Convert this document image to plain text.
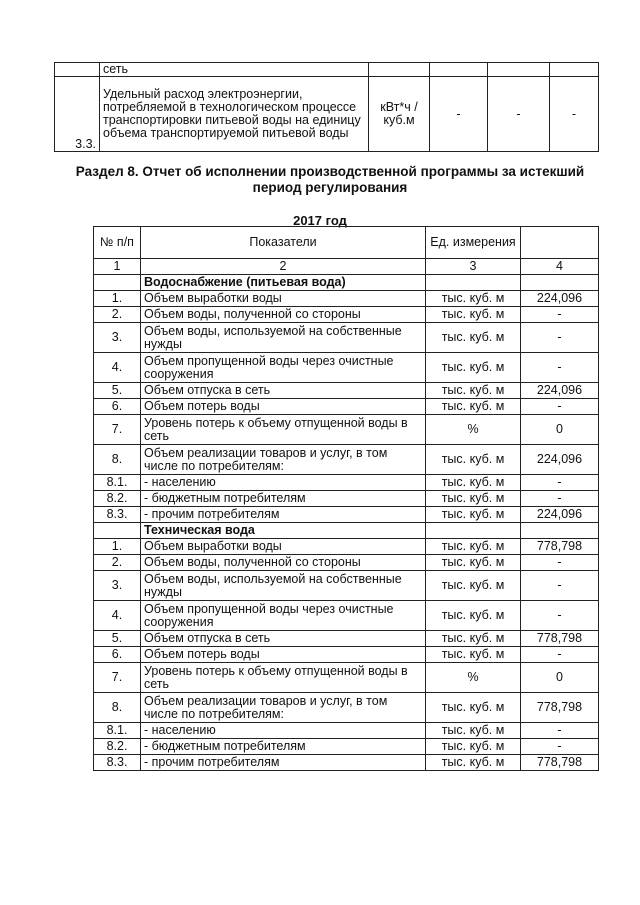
	сеть				
3.3.	Удельный расход электроэнергии, потребляемой в технологическом процессе транспортировки питьевой воды на единицу объема транспортируемой питьевой воды	кВт*ч / куб.м	-	-	-
Раздел 8. Отчет об исполнении производственной программы за истекший период регулирования
2017 год
№ п/п	Показатели	Ед. измерения	
1	2	3	4
	Водоснабжение (питьевая вода)		
1.	Объем выработки воды	тыс. куб. м	224,096
2.	Объем воды, полученной со стороны	тыс. куб. м	-
3.	Объем воды, используемой на собственные нужды	тыс. куб. м	-
4.	Объем пропущенной воды через очистные сооружения	тыс. куб. м	-
5.	Объем отпуска в сеть	тыс. куб. м	224,096
6.	Объем потерь воды	тыс. куб. м	-
7.	Уровень потерь к объему отпущенной воды в сеть	%	0
8.	Объем реализации товаров и услуг, в том числе по потребителям:	тыс. куб. м	224,096
8.1.	- населению	тыс. куб. м	-
8.2.	- бюджетным потребителям	тыс. куб. м	-
8.3.	- прочим потребителям	тыс. куб. м	224,096
	Техническая вода		
1.	Объем выработки воды	тыс. куб. м	778,798
2.	Объем воды, полученной со стороны	тыс. куб. м	-
3.	Объем воды, используемой на собственные нужды	тыс. куб. м	-
4.	Объем пропущенной воды через очистные сооружения	тыс. куб. м	-
5.	Объем отпуска в сеть	тыс. куб. м	778,798
6.	Объем потерь воды	тыс. куб. м	-
7.	Уровень потерь к объему отпущенной воды в сеть	%	0
8.	Объем реализации товаров и услуг, в том числе по потребителям:	тыс. куб. м	778,798
8.1.	- населению	тыс. куб. м	-
8.2.	- бюджетным потребителям	тыс. куб. м	-
8.3.	- прочим потребителям	тыс. куб. м	778,798
